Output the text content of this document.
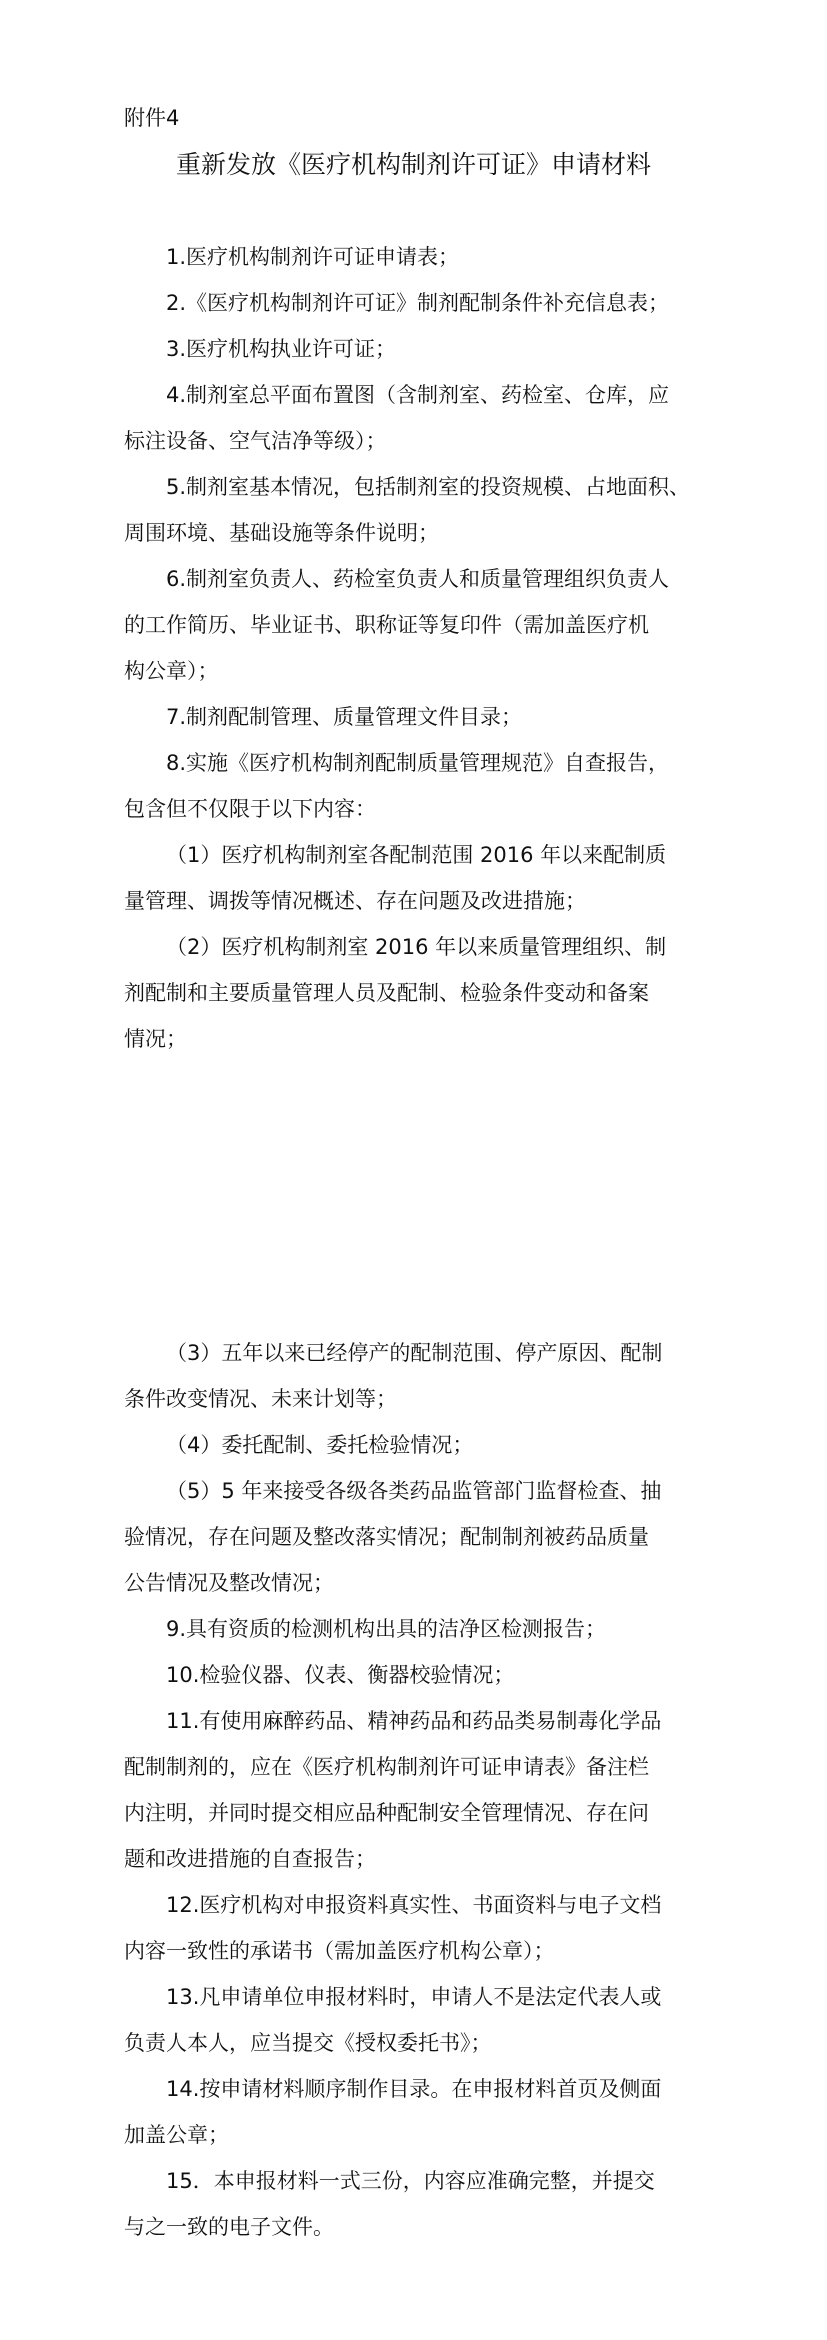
附件4
重新发放《医疗机构制剂许可证》申请材料
1.医疗机构制剂许可证申请表；
2.《医疗机构制剂许可证》制剂配制条件补充信息表；
3.医疗机构执业许可证；
4.制剂室总平面布置图（含制剂室、药检室、仓库，应
标注设备、空气洁净等级）；
5.制剂室基本情况，包括制剂室的投资规模、占地面积、
周围环境、基础设施等条件说明；
6.制剂室负责人、药检室负责人和质量管理组织负责人
的工作简历、毕业证书、职称证等复印件（需加盖医疗机
构公章）；
7.制剂配制管理、质量管理文件目录；
8.实施《医疗机构制剂配制质量管理规范》自查报告，
包含但不仅限于以下内容：
（1）医疗机构制剂室各配制范围 2016 年以来配制质
量管理、调拨等情况概述、存在问题及改进措施；
（2）医疗机构制剂室 2016 年以来质量管理组织、制
剂配制和主要质量管理人员及配制、检验条件变动和备案
情况；
（3）五年以来已经停产的配制范围、停产原因、配制
条件改变情况、未来计划等；
（4）委托配制、委托检验情况；
（5）5 年来接受各级各类药品监管部门监督检查、抽
验情况，存在问题及整改落实情况；配制制剂被药品质量
公告情况及整改情况；
9.具有资质的检测机构出具的洁净区检测报告；
10.检验仪器、仪表、衡器校验情况；
11.有使用麻醉药品、精神药品和药品类易制毒化学品
配制制剂的，应在《医疗机构制剂许可证申请表》备注栏
内注明，并同时提交相应品种配制安全管理情况、存在问
题和改进措施的自查报告；
12.医疗机构对申报资料真实性、书面资料与电子文档
内容一致性的承诺书（需加盖医疗机构公章）；
13.凡申请单位申报材料时，申请人不是法定代表人或
负责人本人，应当提交《授权委托书》；
14.按申请材料顺序制作目录。在申报材料首页及侧面
加盖公章；
15．本申报材料一式三份，内容应准确完整，并提交
与之一致的电子文件。
